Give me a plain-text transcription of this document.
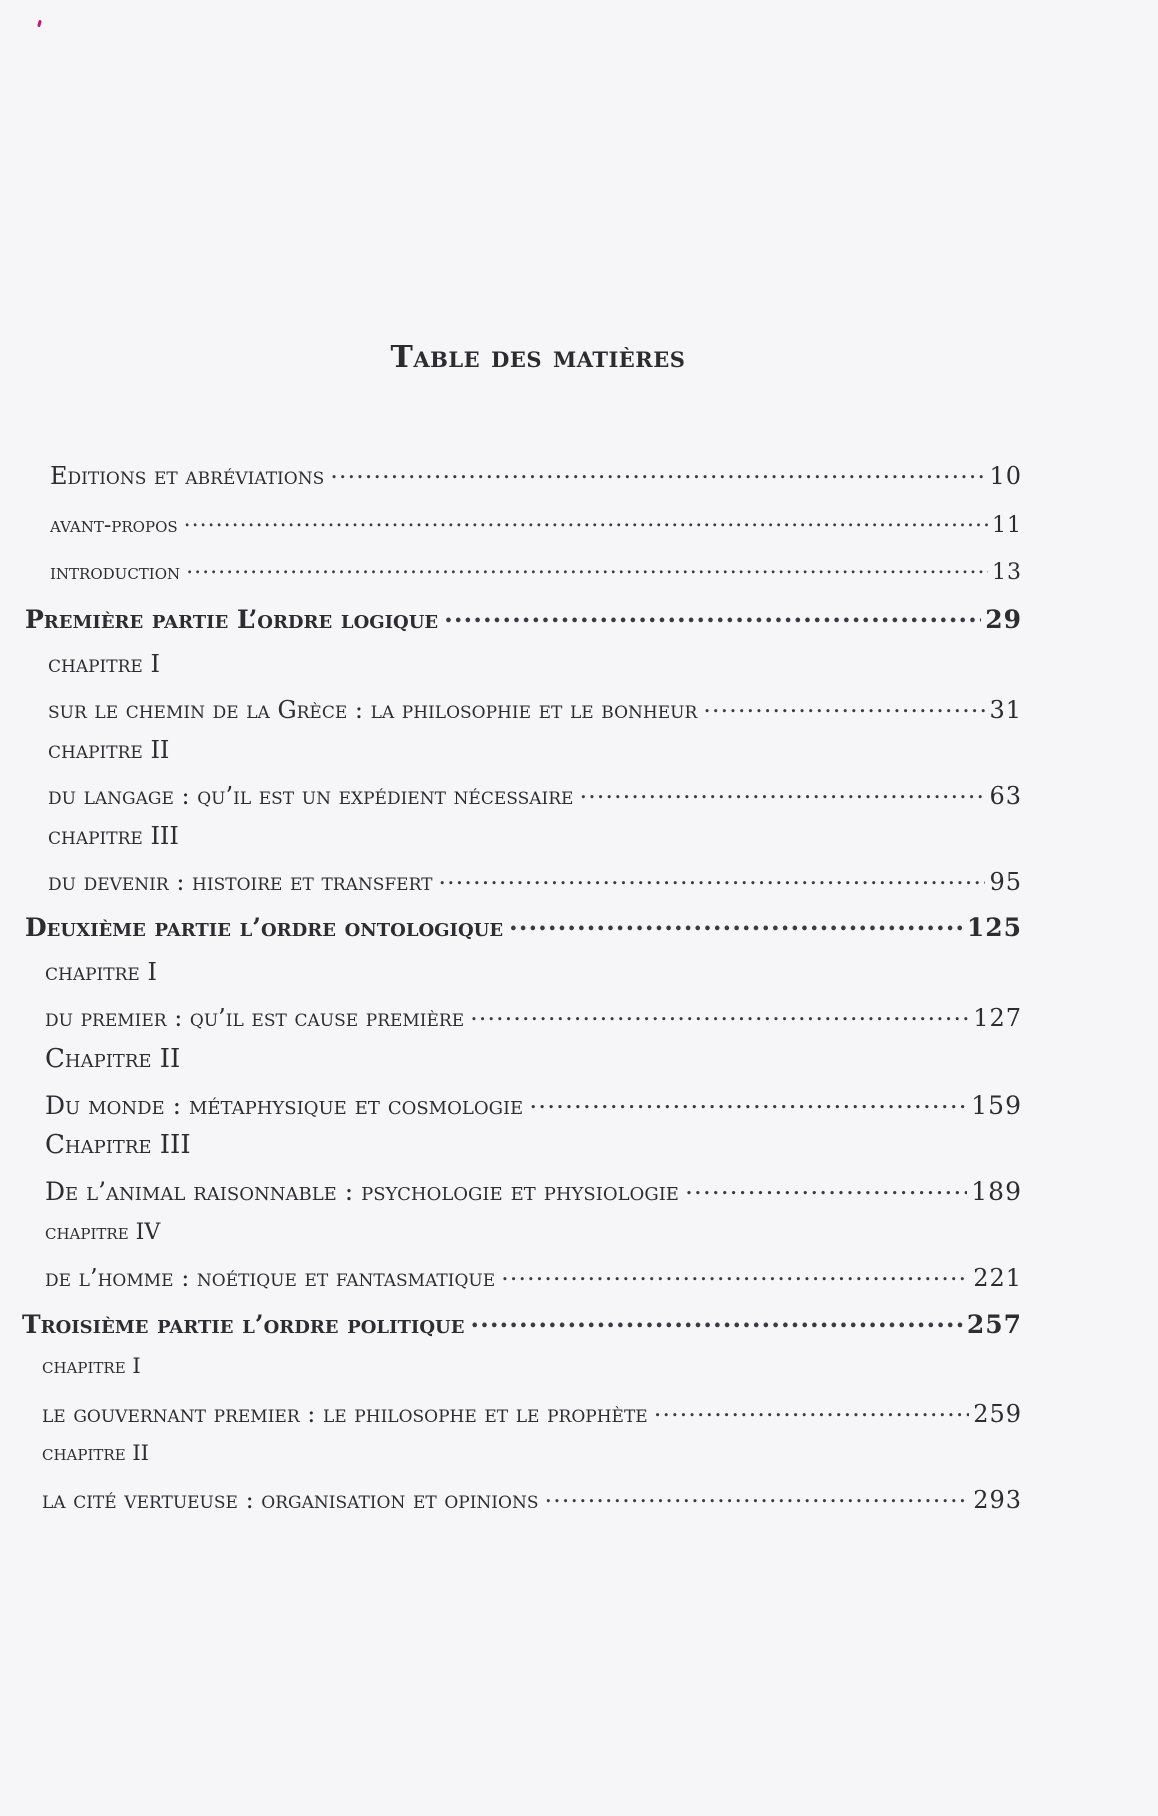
Table des matières
Editions et abréviations .....	10
avant-propos .....	11
introduction .....	13
Première partie L’ordre logique .....	29
chapitre I
sur le chemin de la Grèce : la philosophie et le bonheur .....	31
chapitre II
du langage : qu’il est un expédient nécessaire .....	63
chapitre III
du devenir : histoire et transfert .....	95
Deuxième partie l’ordre ontologique .....	125
chapitre I
du premier : qu’il est cause première .....	127
Chapitre II
Du monde : métaphysique et cosmologie .....	159
Chapitre III
De l’animal raisonnable : psychologie et physiologie .....	189
chapitre IV
de l’homme : noétique et fantasmatique .....	221
Troisième partie l’ordre politique .....	257
chapitre I
le gouvernant premier : le philosophe et le prophète .....	259
chapitre II
la cité vertueuse : organisation et opinions .....	293
